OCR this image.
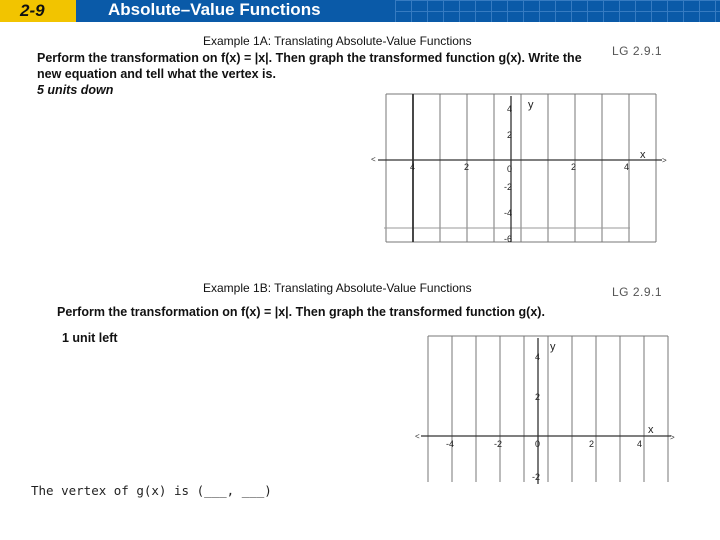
2-9	Absolute–Value Functions
Example 1A: Translating Absolute-Value Functions
LG 2.9.1
Perform the transformation on f(x) = |x|. Then graph the transformed function g(x). Write the
new equation and tell what the vertex is.
5 units down
<	>
y
x
4	2	2	4
4
2
0
-2
-4
-6
Example 1B: Translating Absolute-Value Functions	LG 2.9.1
Perform the transformation on f(x) = |x|. Then graph the transformed function g(x).
1 unit left
<	>
y
x
-4	-2	0	2	4
4
2
-2
The vertex of g(x) is (___, ___)
